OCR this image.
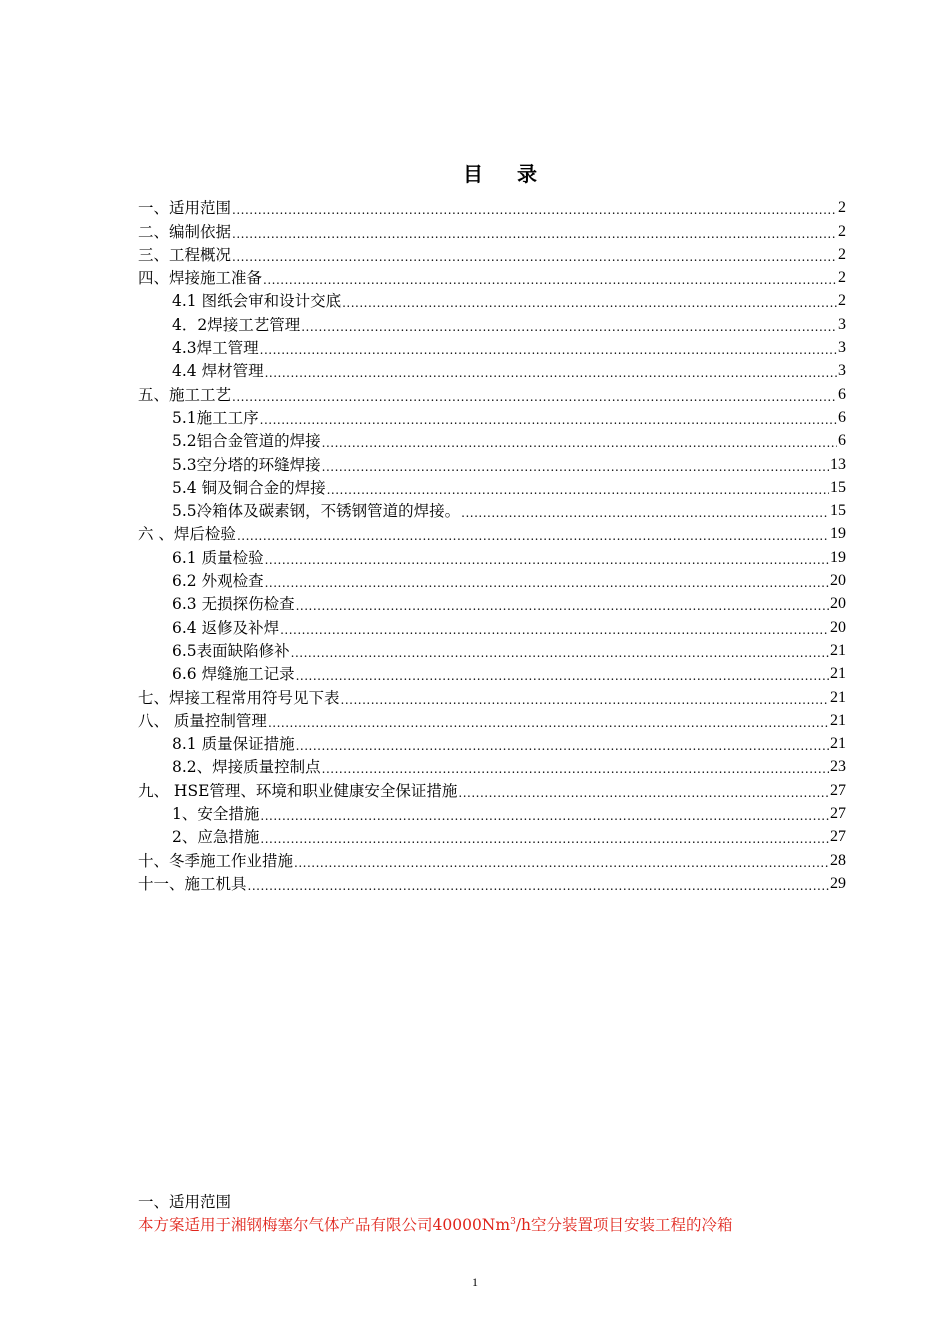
目 录
一、适用范围 .....	2
二、编制依据 .....	2
三、工程概况 .....	2
四、焊接施工准备 .....	2
4.1 图纸会审和设计交底 .....	2
4．2焊接工艺管理 .....	3
4.3焊工管理 .....	3
4.4 焊材管理 .....	3
五、施工工艺 .....	6
5.1施工工序 .....	6
5.2铝合金管道的焊接 .....	6
5.3空分塔的环缝焊接 .....	13
5.4 铜及铜合金的焊接 .....	15
5.5冷箱体及碳素钢，不锈钢管道的焊接。 .....	15
六 、焊后检验 .....	19
6.1 质量检验 .....	19
6.2 外观检查 .....	20
6.3 无损探伤检查 .....	20
6.4 返修及补焊 .....	20
6.5表面缺陷修补 .....	21
6.6 焊缝施工记录 .....	21
七、焊接工程常用符号见下表 .....	21
八、 质量控制管理 .....	21
8.1 质量保证措施 .....	21
8.2、焊接质量控制点 .....	23
九、 HSE管理、环境和职业健康安全保证措施 .....	27
1、安全措施 .....	27
2、应急措施 .....	27
十、冬季施工作业措施 .....	28
十一、施工机具 .....	29
一、适用范围
本方案适用于湘钢梅塞尔气体产品有限公司40000Nm$^3$/h空分装置项目安装工程的冷箱
1
